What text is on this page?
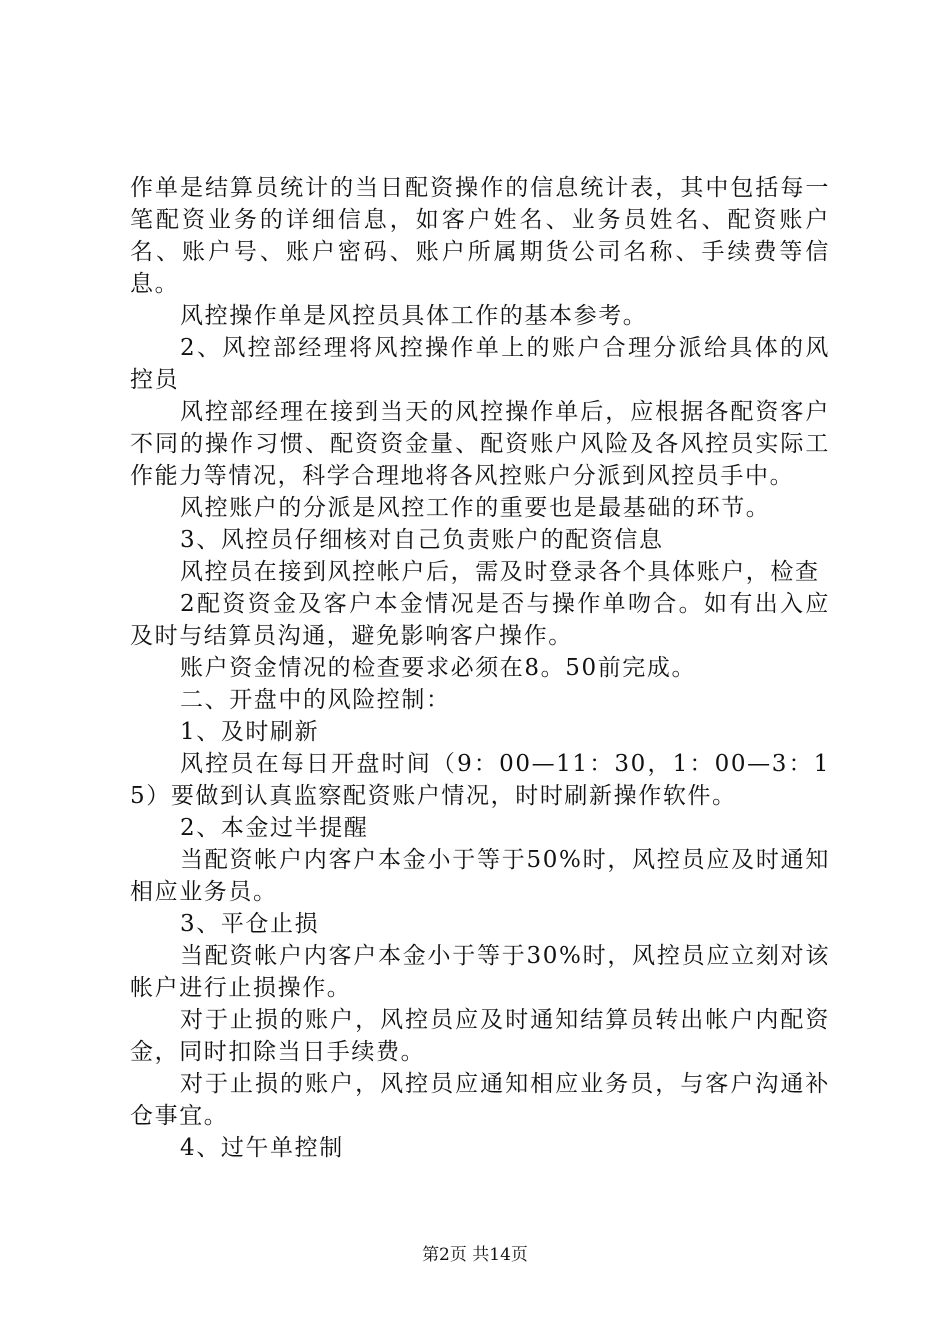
作单是结算员统计的当日配资操作的信息统计表，其中包括每一笔配资业务的详细信息，如客户姓名、业务员姓名、配资账户名、账户号、账户密码、账户所属期货公司名称、手续费等信息。

风控操作单是风控员具体工作的基本参考。

2、风控部经理将风控操作单上的账户合理分派给具体的风控员

风控部经理在接到当天的风控操作单后，应根据各配资客户不同的操作习惯、配资资金量、配资账户风险及各风控员实际工作能力等情况，科学合理地将各风控账户分派到风控员手中。

风控账户的分派是风控工作的重要也是最基础的环节。

3、风控员仔细核对自己负责账户的配资信息

风控员在接到风控帐户后，需及时登录各个具体账户，检查

2配资资金及客户本金情况是否与操作单吻合。如有出入应及时与结算员沟通，避免影响客户操作。

账户资金情况的检查要求必须在8。50前完成。

二、开盘中的风险控制：

1、及时刷新

风控员在每日开盘时间（9：00—11：30，1：00—3：15）要做到认真监察配资账户情况，时时刷新操作软件。

2、本金过半提醒

当配资帐户内客户本金小于等于50%时，风控员应及时通知相应业务员。

3、平仓止损

当配资帐户内客户本金小于等于30%时，风控员应立刻对该帐户进行止损操作。

对于止损的账户，风控员应及时通知结算员转出帐户内配资金，同时扣除当日手续费。

对于止损的账户，风控员应通知相应业务员，与客户沟通补仓事宜。

4、过午单控制

第2页 共14页
